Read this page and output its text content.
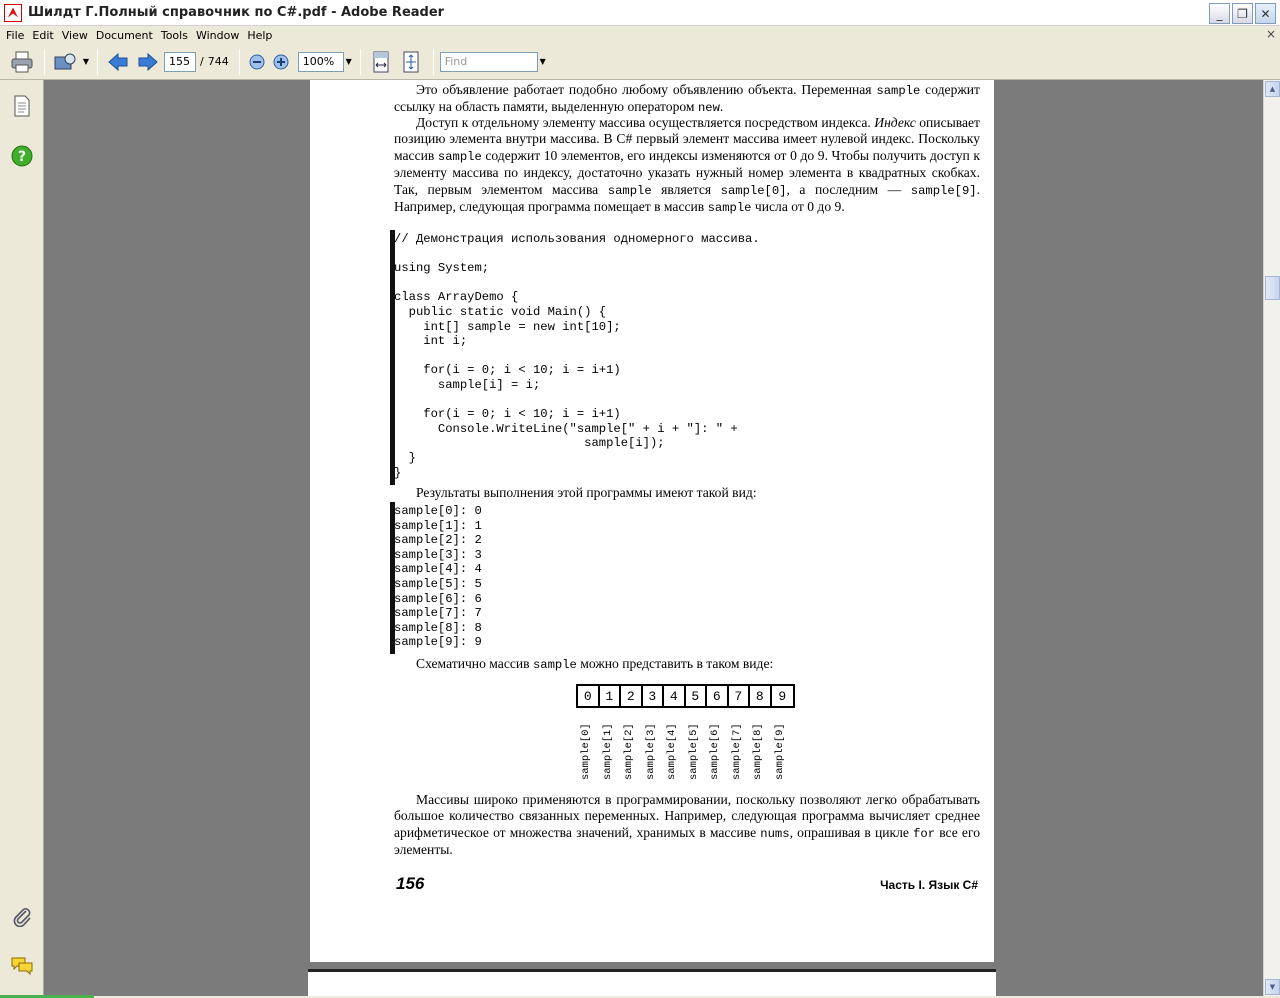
Шилдт Г.Полный справочник по C#.pdf - Adobe Reader	_	❐	✕
File Edit View Document Tools Window Help	×
▼	155 / 744	100%	▼	Find	▼
?
Это объявление работает подобно любому объявлению объекта. Переменная sample содержит ссылку на область памяти, выделенную оператором new.
Доступ к отдельному элементу массива осуществляется посредством индекса. Индекс описывает позицию элемента внутри массива. В C# первый элемент массива имеет нулевой индекс. Поскольку массив sample содержит 10 элементов, его индексы изменяются от 0 до 9. Чтобы получить доступ к элементу массива по индексу, достаточно указать нужный номер элемента в квадратных скобках. Так, первым элементом массива sample является sample[0], а последним — sample[9]. Например, следующая программа помещает в массив sample числа от 0 до 9.
// Демонстрация использования одномерного массива.

using System;

class ArrayDemo {
public static void Main() {
int[] sample = new int[10];
int i;

for(i = 0; i < 10; i = i+1)
sample[i] = i;

for(i = 0; i < 10; i = i+1)
Console.WriteLine("sample[" + i + "]: " +
sample[i]);
}
}
Результаты выполнения этой программы имеют такой вид:
sample[0]: 0
sample[1]: 1
sample[2]: 2
sample[3]: 3
sample[4]: 4
sample[5]: 5
sample[6]: 6
sample[7]: 7
sample[8]: 8
sample[9]: 9
Схематично массив sample можно представить в таком виде:
0	1	2	3	4	5	6	7	8	9
sample[0] sample[1] sample[2] sample[3] sample[4] sample[5] sample[6] sample[7] sample[8] sample[9]
Массивы широко применяются в программировании, поскольку позволяют легко обрабатывать большое количество связанных переменных. Например, следующая программа вычисляет среднее арифметическое от множества значений, хранимых в массиве nums, опрашивая в цикле for все его элементы.
156	Часть I. Язык C#
▲
▼
